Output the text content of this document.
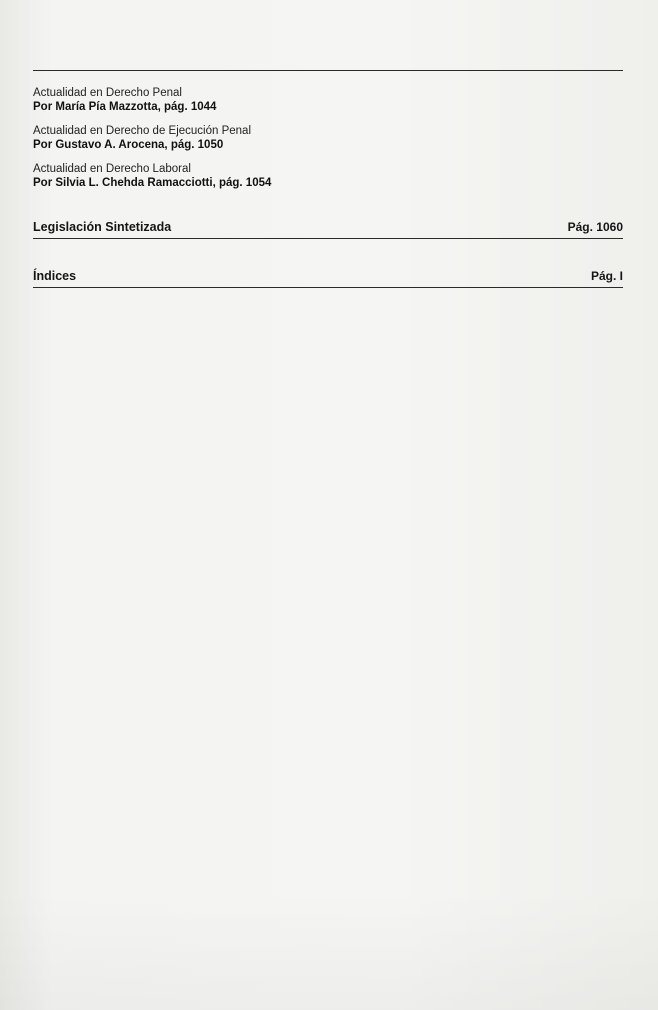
Actualidad en Derecho Penal
Por María Pía Mazzotta, pág. 1044
Actualidad en Derecho de Ejecución Penal
Por Gustavo A. Arocena, pág. 1050
Actualidad en Derecho Laboral
Por Silvia L. Chehda Ramacciotti, pág. 1054
Legislación Sintetizada	Pág. 1060
Índices	Pág. I
